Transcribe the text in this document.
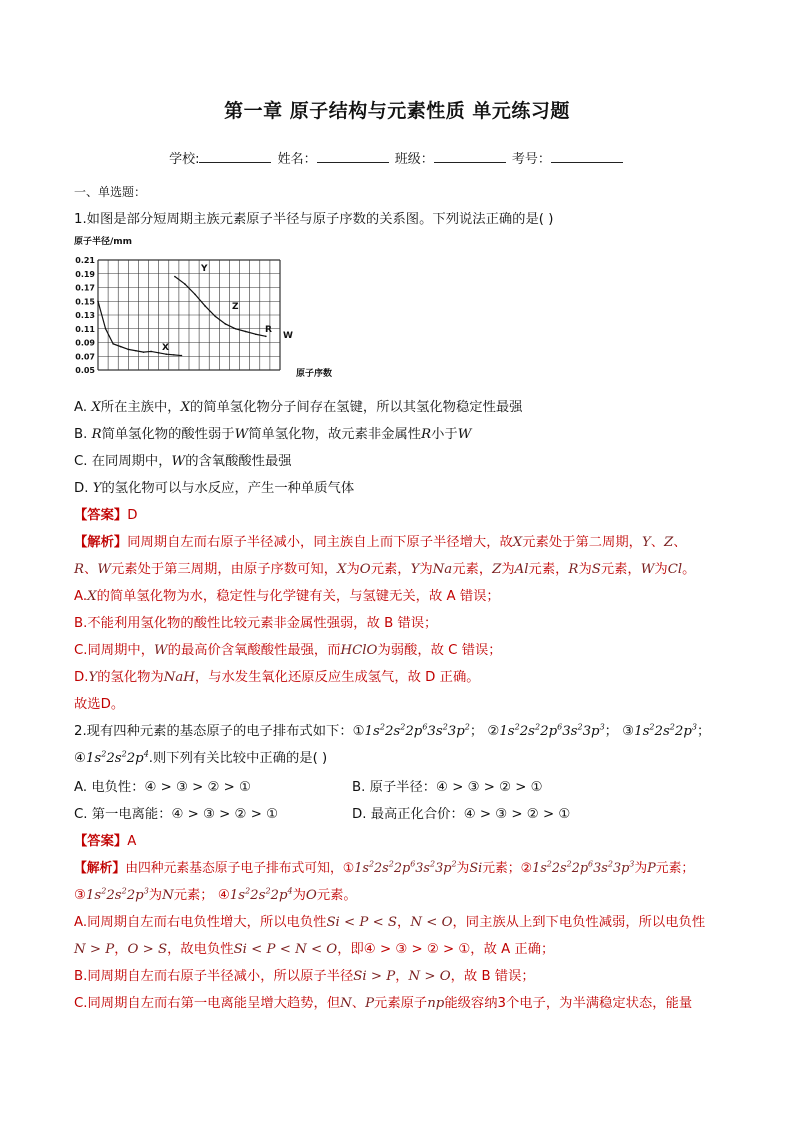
第一章 原子结构与元素性质 单元练习题
学校:	姓名：	班级：	考号：
一、单选题：
1.如图是部分短周期主族元素原子半径与原子序数的关系图。下列说法正确的是( )
原子半径/mm
0.21
0.19
0.17
0.15
0.13
0.11
0.09
0.07
0.05
X
Y
Z
R
W
原子序数
A. X所在主族中，X的简单氢化物分子间存在氢键，所以其氢化物稳定性最强
B. R简单氢化物的酸性弱于W简单氢化物，故元素非金属性R小于W
C. 在同周期中，W的含氧酸酸性最强
D. Y的氢化物可以与水反应，产生一种单质气体
【答案】D
【解析】同周期自左而右原子半径减小，同主族自上而下原子半径增大，故X元素处于第二周期，Y、Z、
R、W元素处于第三周期，由原子序数可知，X为O元素，Y为Na元素，Z为Al元素，R为S元素，W为Cl。
A.X的简单氢化物为水，稳定性与化学键有关，与氢键无关，故 A 错误；
B.不能利用氢化物的酸性比较元素非金属性强弱，故 B 错误；
C.同周期中，W的最高价含氧酸酸性最强，而HClO为弱酸，故 C 错误；
D.Y的氢化物为NaH，与水发生氧化还原反应生成氢气，故 D 正确。
故选D。
2.现有四种元素的基态原子的电子排布式如下：$①1s^22s^22p^63s^23p^2$； $②1s^22s^22p^63s^23p^3$； $③1s^22s^22p^3$；
$④1s^22s^22p^4$.则下列有关比较中正确的是( )
A. 电负性：④ > ③ > ② > ①	B. 原子半径：④ > ③ > ② > ①
C. 第一电离能：④ > ③ > ② > ①	D. 最高正化合价：④ > ③ > ② > ①
【答案】A
【解析】由四种元素基态原子电子排布式可知，$①1s^22s^22p^63s^23p^2$为Si元素；$②1s^22s^22p^63s^23p^3$为P元素；
$③1s^22s^22p^3$为N元素； $④1s^22s^22p^4$为O元素。
A.同周期自左而右电负性增大，所以电负性Si < P < S，N < O，同主族从上到下电负性减弱，所以电负性
N > P，O > S，故电负性Si < P < N < O，即④ > ③ > ② > ①，故 A 正确；
B.同周期自左而右原子半径减小，所以原子半径Si > P，N > O，故 B 错误；
C.同周期自左而右第一电离能呈增大趋势，但N、P元素原子np能级容纳3个电子，为半满稳定状态，能量
